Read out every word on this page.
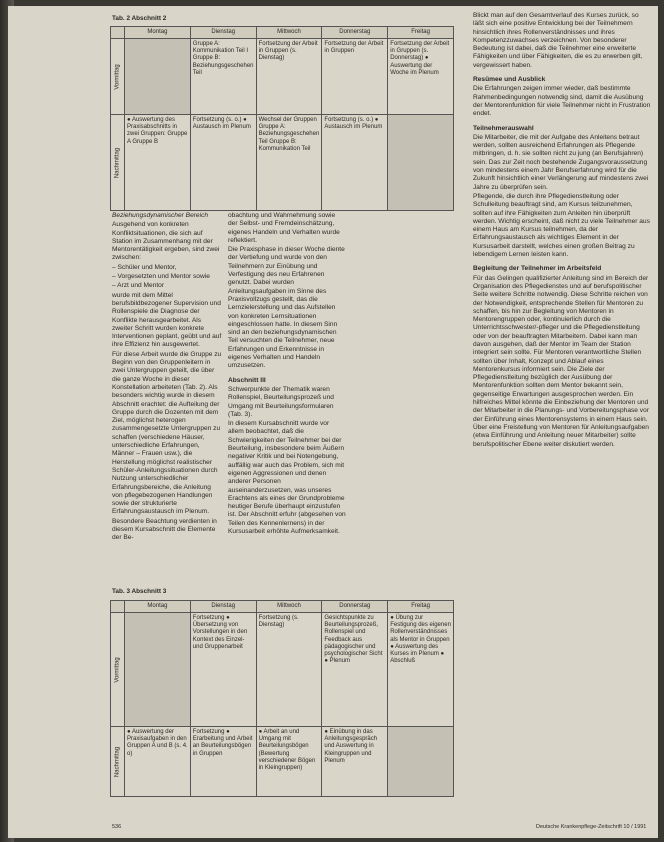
Tab. 2 Abschnitt 2
	Montag	Dienstag	Mittwoch	Donnerstag	Freitag

Vormittag		Gruppe A: Kommunikation Teil I Gruppe B: Beziehungsgeschehen Teil	Fortsetzung der Arbeit in Gruppen (s. Dienstag)	Fortsetzung der Arbeit in Gruppen	Fortsetzung der Arbeit in Gruppen (s. Donnerstag) ● Auswertung der Woche im Plenum

Nachmittag	● Auswertung des Praxisabschnitts in zwei Gruppen: Gruppe A Gruppe B	Fortsetzung (s. o.) ● Austausch im Plenum	Wechsel der Gruppen Gruppe A: Beziehungsgeschehen Teil Gruppe B: Kommunikation Teil	Fortsetzung (s. o.) ● Austausch im Plenum	

Beziehungsdynamischer Bereich

Ausgehend von konkreten Konfliktsituationen, die sich auf Station im Zusammenhang mit der Mentorentätigkeit ergeben, sind zwei zwischen:

– Schüler und Mentor,

– Vorgesetzten und Mentor sowie

– Arzt und Mentor

wurde mit dem Mittel berufsbildbezogener Supervision und Rollenspiele die Diagnose der Konflikte herausgearbeitet. Als zweiter Schritt wurden konkrete Interventionen geplant, geübt und auf ihre Effizienz hin ausgewertet.

Für diese Arbeit wurde die Gruppe zu Beginn von den Gruppenleitern in zwei Untergruppen geteilt, die über die ganze Woche in dieser Konstellation arbeiteten (Tab. 2). Als besonders wichtig wurde in diesem Abschnitt erachtet: die Aufteilung der Gruppe durch die Dozenten mit dem Ziel, möglichst heterogen zusammengesetzte Untergruppen zu schaffen (verschiedene Häuser, unterschiedliche Erfahrungen, Männer – Frauen usw.), die Herstellung möglichst realistischer Schüler-Anleitungssituationen durch Nutzung unterschiedlicher Erfahrungsbereiche, die Anleitung von pflegebezogenen Handlungen sowie der strukturierte Erfahrungsaustausch im Plenum.

Besondere Beachtung verdienten in diesem Kursabschnitt die Elemente der Be-

obachtung und Wahrnehmung sowie der Selbst- und Fremdeinschätzung, eigenes Handeln und Verhalten wurde reflektiert.

Die Praxisphase in dieser Woche diente der Vertiefung und wurde von den Teilnehmern zur Einübung und Verfestigung des neu Erfahrenen genutzt. Dabei wurden Anleitungsaufgaben im Sinne des Praxisvollzugs gestellt, das die Lernzielerstellung und das Aufstellen von konkreten Lernsituationen eingeschlossen hatte. In diesem Sinn sind an den beziehungsdynamischen Teil versuchten die Teilnehmer, neue Erfahrungen und Erkenntnisse in eigenes Verhalten und Handeln umzusetzen.

Abschnitt III

Schwerpunkte der Thematik waren Rollenspiel, Beurteilungsprozeß und Umgang mit Beurteilungsformularen (Tab. 3).

In diesem Kursabschnitt wurde vor allem beobachtet, daß die Schwierigkeiten der Teilnehmer bei der Beurteilung, insbesondere beim Äußern negativer Kritik und bei Notengebung, auffällig war auch das Problem, sich mit eigenen Aggressionen und denen anderer Personen auseinanderzusetzen, was unseres Erachtens als eines der Grundprobleme heutiger Berufe überhaupt einzustufen ist. Der Abschnitt erfuhr (abgesehen von Teilen des Kennenlernens) in der Kursusarbeit erhöhte Aufmerksamkeit.

Blickt man auf den Gesamtverlauf des Kurses zurück, so läßt sich eine positive Entwicklung bei der Teilnehmern hinsichtlich ihres Rollenverständnisses und ihres Kompetenzzuwachses verzeichnen. Von besonderer Bedeutung ist dabei, daß die Teilnehmer eine erweiterte Fähigkeiten und über Fähigkeiten, die es zu erwerben gilt, vergewissert haben.

Resümee und Ausblick

Die Erfahrungen zeigen immer wieder, daß bestimmte Rahmenbedingungen notwendig sind, damit die Ausübung der Mentorenfunktion für viele Teilnehmer nicht in Frustration endet.

Teilnehmerauswahl

Die Mitarbeiter, die mit der Aufgabe des Anleitens betraut werden, sollten ausreichend Erfahrungen als Pflegende mitbringen, d. h. sie sollten nicht zu jung (an Berufsjahren) sein. Das zur Zeit noch bestehende Zugangsvoraussetzung von mindestens einem Jahr Berufserfahrung wird für die Zukunft hinsichtlich einer Verlängerung auf mindestens zwei Jahre zu überprüfen sein.

Pflegende, die durch ihre Pflegedienstleitung oder Schulleitung beauftragt sind, am Kursus teilzunehmen, sollten auf ihre Fähigkeiten zum Anleiten hin überprüft werden. Wichtig erscheint, daß nicht zu viele Teilnehmer aus einem Haus am Kursus teilnehmen, da der Erfahrungsaustausch als wichtiges Element in der Kursusarbeit darstellt, welches einen großen Beitrag zu lebendigem Lernen leisten kann.

Begleitung der Teilnehmer im Arbeitsfeld

Für das Gelingen qualifizierter Anleitung sind im Bereich der Organisation des Pflegedienstes und auf berufspolitischer Seite weitere Schritte notwendig. Diese Schritte reichen von der Notwendigkeit, entsprechende Stellen für Mentoren zu schaffen, bis hin zur Begleitung von Mentoren in Mentorengruppen oder, kontinuierlich durch die Unterrichtsschwester/-pfleger und die Pflegedienstleitung oder von der beauftragten Mitarbeitern. Dabei kann man davon ausgehen, daß der Mentor im Team der Station integriert sein sollte. Für Mentoren verantwortliche Stellen sollten über Inhalt, Konzept und Ablauf eines Mentorenkursus informiert sein. Die Ziele der Pflegedienstleitung bezüglich der Ausübung der Mentorenfunktion sollten dem Mentor bekannt sein, gegenseitige Erwartungen ausgesprochen werden. Ein hilfreiches Mittel könnte die Einbeziehung der Mentoren und der Mitarbeiter in die Planungs- und Vorbereitungsphase vor der Einführung eines Mentorensystems in einem Haus sein. Über eine Freistellung von Mentoren für Anleitungsaufgaben (etwa Einführung und Anleitung neuer Mitarbeiter) sollte berufspolitischer Ebene weiter diskutiert werden.

Tab. 3 Abschnitt 3
	Montag	Dienstag	Mittwoch	Donnerstag	Freitag

Vormittag		Fortsetzung ● Übersetzung von Vorstellungen in den Kontext des Einzel- und Gruppenarbeit	Fortsetzung (s. Dienstag)	Gesichtspunkte zu Beurteilungsprozeß, Rollenspiel und Feedback aus pädagogischer und psychologischer Sicht ● Plenum	● Übung zur Festigung des eigenen Rollenverständnisses als Mentor in Gruppen ● Auswertung des Kurses im Plenum ● Abschluß

Nachmittag	● Auswertung der Praxisaufgaben in den Gruppen A und B (s. 4. o)	Fortsetzung ● Erarbeitung und Arbeit an Beurteilungsbögen in Gruppen	● Arbeit an und Umgang mit Beurteilungsbögen (Bewertung verschiedener Bögen in Kleingruppen)	● Einübung in das Anleitungsgespräch und Auswertung in Kleingruppen und Plenum	
536	Deutsche Krankenpflege-Zeitschrift 10 / 1991
